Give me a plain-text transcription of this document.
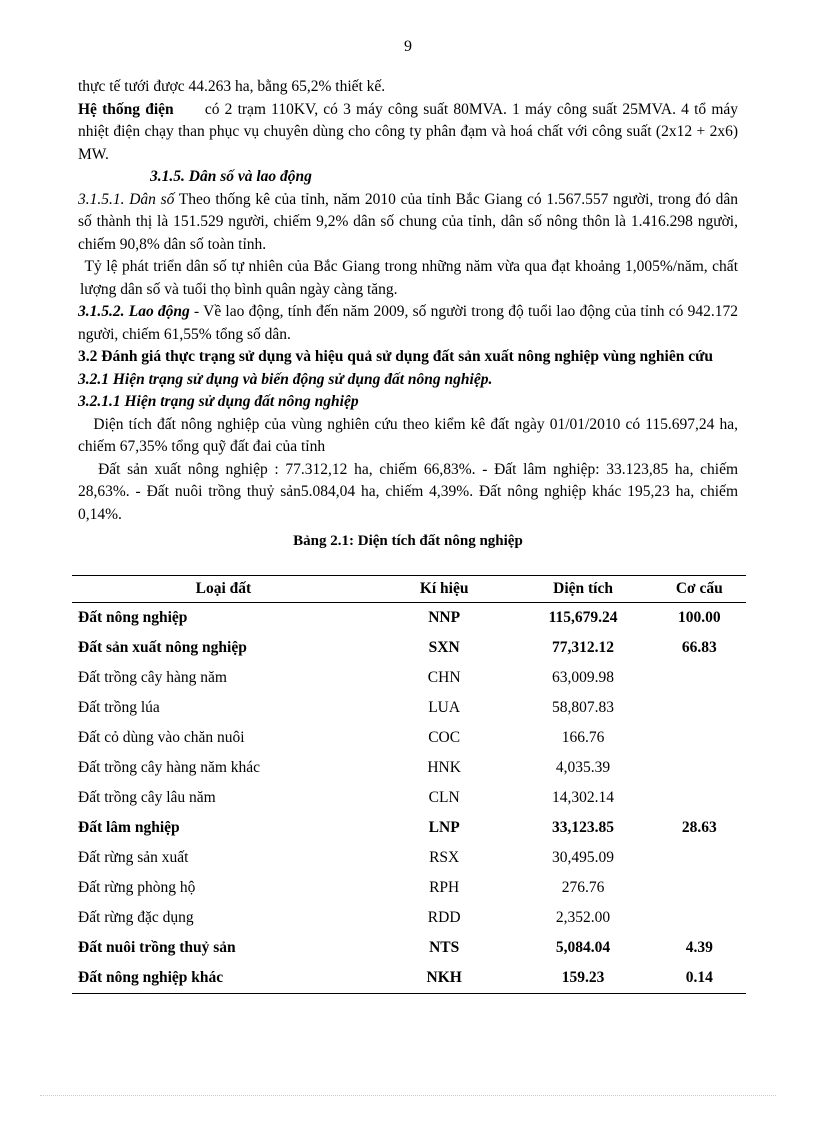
9

thực tế tưới được 44.263 ha, bằng 65,2% thiết kế.

Hệ thống điện có 2 trạm 110KV, có 3 máy công suất 80MVA. 1 máy công suất 25MVA. 4 tổ máy nhiệt điện chạy than phục vụ chuyên dùng cho công ty phân đạm và hoá chất với công suất (2x12 + 2x6) MW.

3.1.5. Dân số và lao động

3.1.5.1. Dân số Theo thống kê của tỉnh, năm 2010 của tỉnh Bắc Giang có 1.567.557 người, trong đó dân số thành thị là 151.529 người, chiếm 9,2% dân số chung của tỉnh, dân số nông thôn là 1.416.298 người, chiếm 90,8% dân số toàn tỉnh.

Tỷ lệ phát triển dân số tự nhiên của Bắc Giang trong những năm vừa qua đạt khoảng 1,005%/năm, chất lượng dân số và tuổi thọ bình quân ngày càng tăng.

3.1.5.2. Lao động - Về lao động, tính đến năm 2009, số người trong độ tuổi lao động của tỉnh có 942.172 người, chiếm 61,55% tổng số dân.

3.2 Đánh giá thực trạng sử dụng và hiệu quả sử dụng đất sản xuất nông nghiệp vùng nghiên cứu

3.2.1 Hiện trạng sử dụng và biến động sử dụng đất nông nghiệp.

3.2.1.1 Hiện trạng sử dụng đất nông nghiệp

Diện tích đất nông nghiệp của vùng nghiên cứu theo kiểm kê đất ngày 01/01/2010 có 115.697,24 ha, chiếm 67,35% tổng quỹ đất đai của tỉnh

Đất sản xuất nông nghiệp : 77.312,12 ha, chiếm 66,83%. - Đất lâm nghiệp: 33.123,85 ha, chiếm 28,63%. - Đất nuôi trồng thuỷ sản5.084,04 ha, chiếm 4,39%. Đất nông nghiệp khác 195,23 ha, chiếm 0,14%.

Bảng 2.1: Diện tích đất nông nghiệp
Loại đất	Kí hiệu	Diện tích	Cơ cấu
Đất nông nghiệp	NNP	115,679.24	100.00
Đất sản xuất nông nghiệp	SXN	77,312.12	66.83
Đất trồng cây hàng năm	CHN	63,009.98	
Đất trồng lúa	LUA	58,807.83	
Đất cỏ dùng vào chăn nuôi	COC	166.76	
Đất trồng cây hàng năm khác	HNK	4,035.39	
Đất trồng cây lâu năm	CLN	14,302.14	
Đất lâm nghiệp	LNP	33,123.85	28.63
Đất rừng sản xuất	RSX	30,495.09	
Đất rừng phòng hộ	RPH	276.76	
Đất rừng đặc dụng	RDD	2,352.00	
Đất nuôi trồng thuỷ sản	NTS	5,084.04	4.39
Đất nông nghiệp khác	NKH	159.23	0.14
